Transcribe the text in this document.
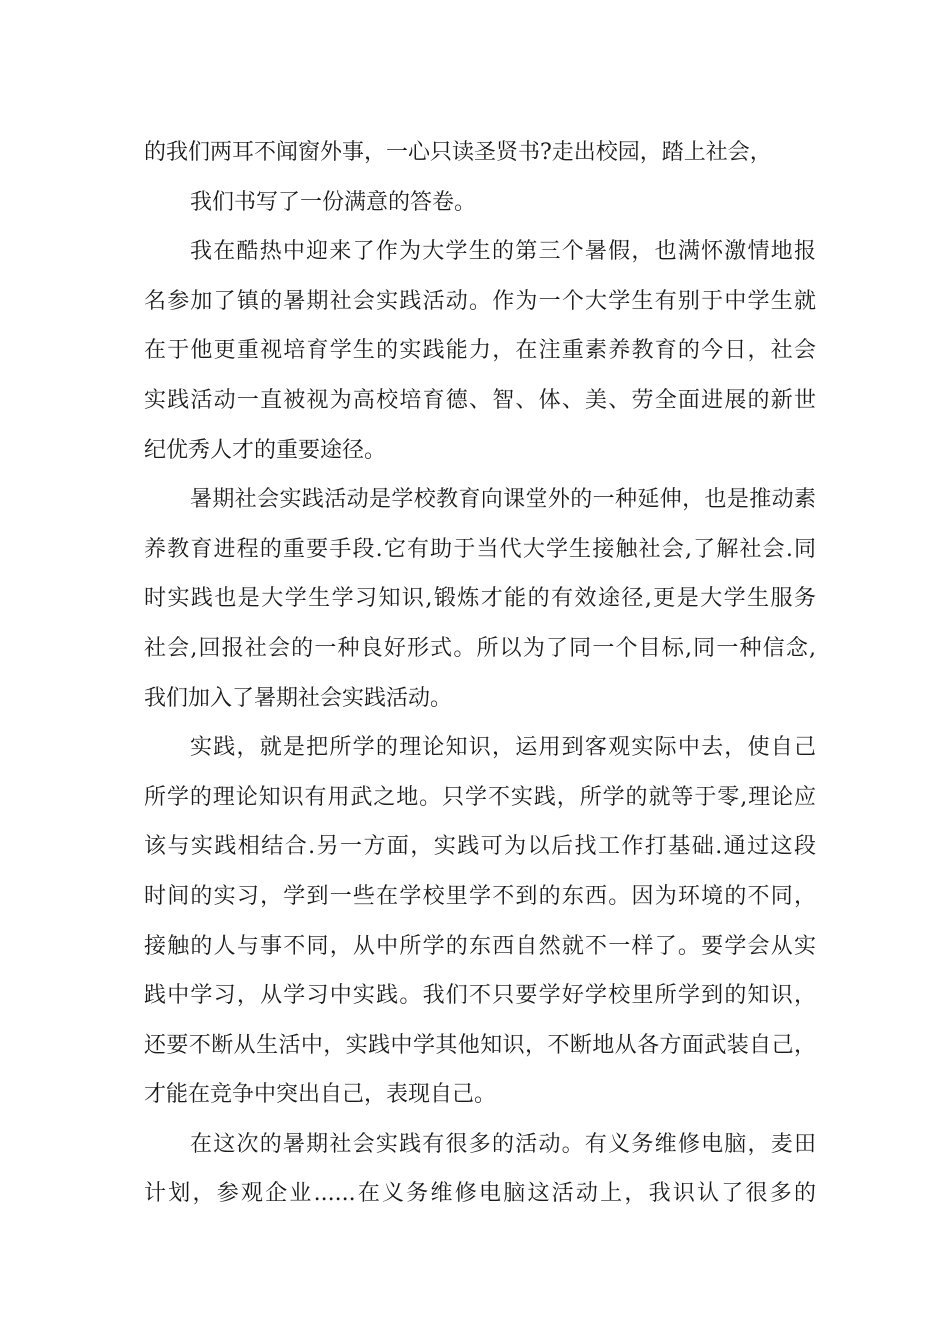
的我们两耳不闻窗外事，一心只读圣贤书?走出校园，踏上社会，
我们书写了一份满意的答卷。
我在酷热中迎来了作为大学生的第三个暑假，也满怀激情地报
名参加了镇的暑期社会实践活动。作为一个大学生有别于中学生就
在于他更重视培育学生的实践能力，在注重素养教育的今日，社会
实践活动一直被视为高校培育德、智、体、美、劳全面进展的新世
纪优秀人才的重要途径。
暑期社会实践活动是学校教育向课堂外的一种延伸，也是推动素
养教育进程的重要手段.它有助于当代大学生接触社会,了解社会.同
时实践也是大学生学习知识,锻炼才能的有效途径,更是大学生服务
社会,回报社会的一种良好形式。所以为了同一个目标,同一种信念,
我们加入了暑期社会实践活动。
实践，就是把所学的理论知识，运用到客观实际中去，使自己
所学的理论知识有用武之地。只学不实践，所学的就等于零,理论应
该与实践相结合.另一方面，实践可为以后找工作打基础.通过这段
时间的实习，学到一些在学校里学不到的东西。因为环境的不同，
接触的人与事不同，从中所学的东西自然就不一样了。要学会从实
践中学习，从学习中实践。我们不只要学好学校里所学到的知识，
还要不断从生活中，实践中学其他知识，不断地从各方面武装自己，
才能在竞争中突出自己，表现自己。
在这次的暑期社会实践有很多的活动。有义务维修电脑，麦田
计划，参观企业......在义务维修电脑这活动上，我识认了很多的
